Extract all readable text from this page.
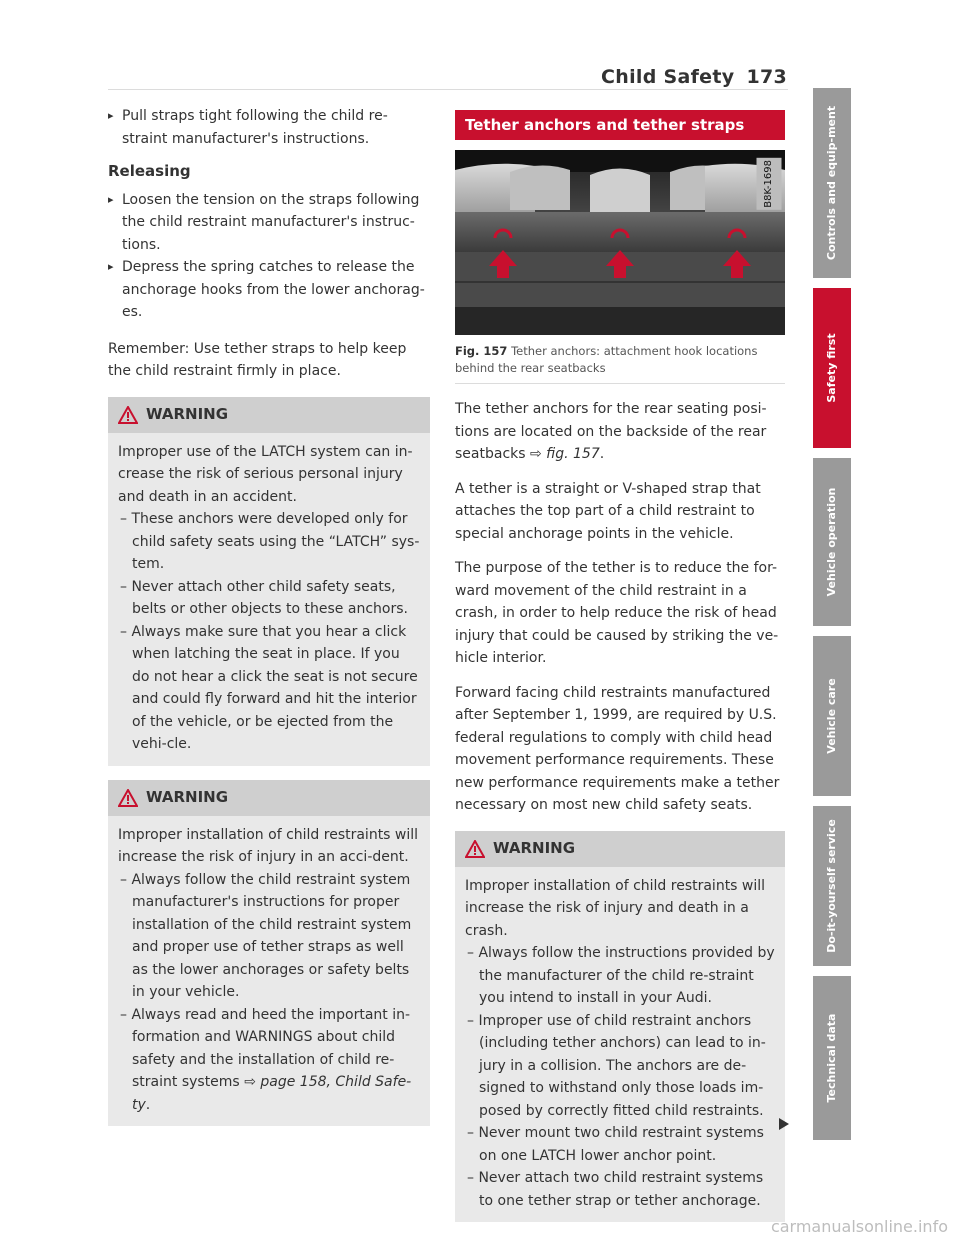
Child Safety 173

▸ Pull straps tight following the child re-straint manufacturer's instructions.

Releasing

▸ Loosen the tension on the straps following the child restraint manufacturer's instruc-tions.

▸ Depress the spring catches to release the anchorage hooks from the lower anchorag-es.

Remember: Use tether straps to help keep the child restraint firmly in place.

WARNING

Improper use of the LATCH system can in-crease the risk of serious personal injury and death in an accident.

– These anchors were developed only for child safety seats using the “LATCH” sys-tem.

– Never attach other child safety seats, belts or other objects to these anchors.

– Always make sure that you hear a click when latching the seat in place. If you do not hear a click the seat is not secure and could fly forward and hit the interior of the vehicle, or be ejected from the vehi-cle.

WARNING

Improper installation of child restraints will increase the risk of injury in an acci-dent.

– Always follow the child restraint system manufacturer's instructions for proper installation of the child restraint system and proper use of tether straps as well as the lower anchorages or safety belts in your vehicle.

– Always read and heed the important in-formation and WARNINGS about child safety and the installation of child re-straint systems ⇨ page 158, Child Safe-ty.

Tether anchors and tether straps
B8K-1698
Fig. 157 Tether anchors: attachment hook locations behind the rear seatbacks

The tether anchors for the rear seating posi-tions are located on the backside of the rear seatbacks ⇨ fig. 157.

A tether is a straight or V-shaped strap that attaches the top part of a child restraint to special anchorage points in the vehicle.

The purpose of the tether is to reduce the for-ward movement of the child restraint in a crash, in order to help reduce the risk of head injury that could be caused by striking the ve-hicle interior.

Forward facing child restraints manufactured after September 1, 1999, are required by U.S. federal regulations to comply with child head movement performance requirements. These new performance requirements make a tether necessary on most new child safety seats.

WARNING

Improper installation of child restraints will increase the risk of injury and death in a crash.

– Always follow the instructions provided by the manufacturer of the child re-straint you intend to install in your Audi.

– Improper use of child restraint anchors (including tether anchors) can lead to in-jury in a collision. The anchors are de-signed to withstand only those loads im-posed by correctly fitted child restraints.

– Never mount two child restraint systems on one LATCH lower anchor point.

– Never attach two child restraint systems to one tether strap or tether anchorage.

Controls and equip-ment
Safety first
Vehicle operation
Vehicle care
Do-it-yourself service
Technical data
carmanualsonline.info
